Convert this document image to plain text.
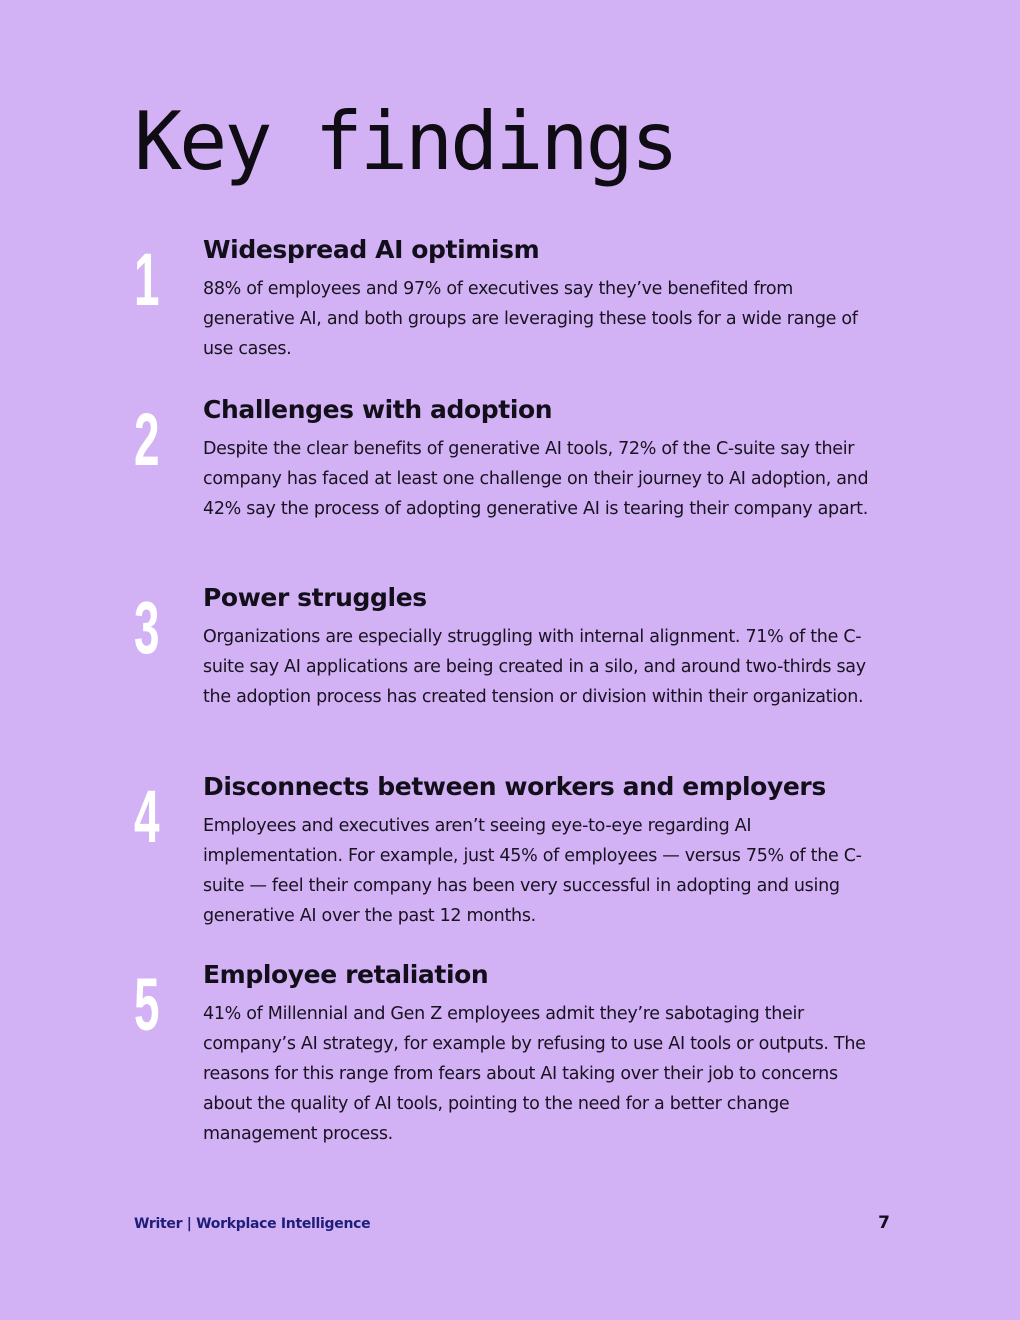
Key findings
1 Widespread AI optimism

88% of employees and 97% of executives say they’ve benefited from generative AI, and both groups are leveraging these tools for a wide range of use cases.

2 Challenges with adoption

Despite the clear benefits of generative AI tools, 72% of the C-suite say their company has faced at least one challenge on their journey to AI adoption, and 42% say the process of adopting generative AI is tearing their company apart.

3 Power struggles

Organizations are especially struggling with internal alignment. 71% of the C-suite say AI applications are being created in a silo, and around two-thirds say the adoption process has created tension or division within their organization.

4 Disconnects between workers and employers

Employees and executives aren’t seeing eye-to-eye regarding AI implementation. For example, just 45% of employees — versus 75% of the C-suite — feel their company has been very successful in adopting and using generative AI over the past 12 months.

5 Employee retaliation

41% of Millennial and Gen Z employees admit they’re sabotaging their company’s AI strategy, for example by refusing to use AI tools or outputs. The reasons for this range from fears about AI taking over their job to concerns about the quality of AI tools, pointing to the need for a better change management process.

Writer | Workplace Intelligence	7
